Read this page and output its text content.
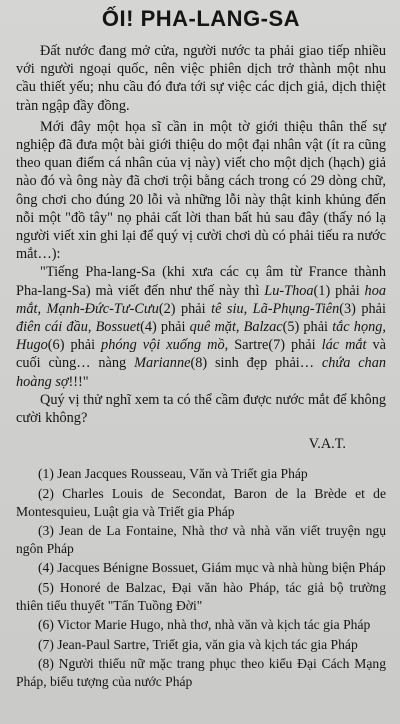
ỐI! PHA-LANG-SA

Đất nước đang mở cửa, người nước ta phải giao tiếp nhiều với người ngoại quốc, nên việc phiên dịch trở thành một nhu cầu thiết yếu; nhu cầu đó đưa tới sự việc các dịch giả, dịch thiệt tràn ngập đầy đồng.

Mới đây một họa sĩ cần in một tờ giới thiệu thân thế sự nghiệp đã đưa một bài giới thiệu do một đại nhân vật (ít ra cũng theo quan điểm cá nhân của vị này) viết cho một dịch (hạch) giả nào đó và ông này đã chơi trội bằng cách trong có 29 dòng chữ, ông chơi cho đúng 20 lỗi và những lỗi này thật kinh khủng đến nỗi một "đồ tây" nọ phải cất lời than bất hủ sau đây (thấy nó lạ người viết xin ghi lại để quý vị cười chơi dù có phải tiếu ra nước mắt…):

"Tiếng Pha-lang-Sa (khi xưa các cụ âm từ France thành Pha-lang-Sa) mà viết đến như thế này thì Lu-Thoa(1) phải hoa mắt, Mạnh-Đức-Tư-Cưu(2) phải tê siu, Lã-Phụng-Tiên(3) phải điên cái đầu, Bossuet(4) phải quê mặt, Balzac(5) phải tắc họng, Hugo(6) phải phóng vội xuống mồ, Sartre(7) phải lác mắt và cuối cùng… nàng Marianne(8) sinh đẹp phải… chứa chan hoàng sợ!!!"

Quý vị thử nghĩ xem ta có thể cầm được nước mắt để không cười không?

V.A.T.

(1) Jean Jacques Rousseau, Văn và Triết gia Pháp

(2) Charles Louis de Secondat, Baron de la Brède et de Montesquieu, Luật gia và Triết gia Pháp

(3) Jean de La Fontaine, Nhà thơ và nhà văn viết truyện ngụ ngôn Pháp

(4) Jacques Bénigne Bossuet, Giám mục và nhà hùng biện Pháp

(5) Honoré de Balzac, Đại văn hào Pháp, tác giả bộ trường thiên tiểu thuyết "Tấn Tuồng Đời"

(6) Victor Marie Hugo, nhà thơ, nhà văn và kịch tác gia Pháp

(7) Jean-Paul Sartre, Triết gia, văn gia và kịch tác gia Pháp

(8) Người thiếu nữ mặc trang phục theo kiểu Đại Cách Mạng Pháp, biểu tượng của nước Pháp
